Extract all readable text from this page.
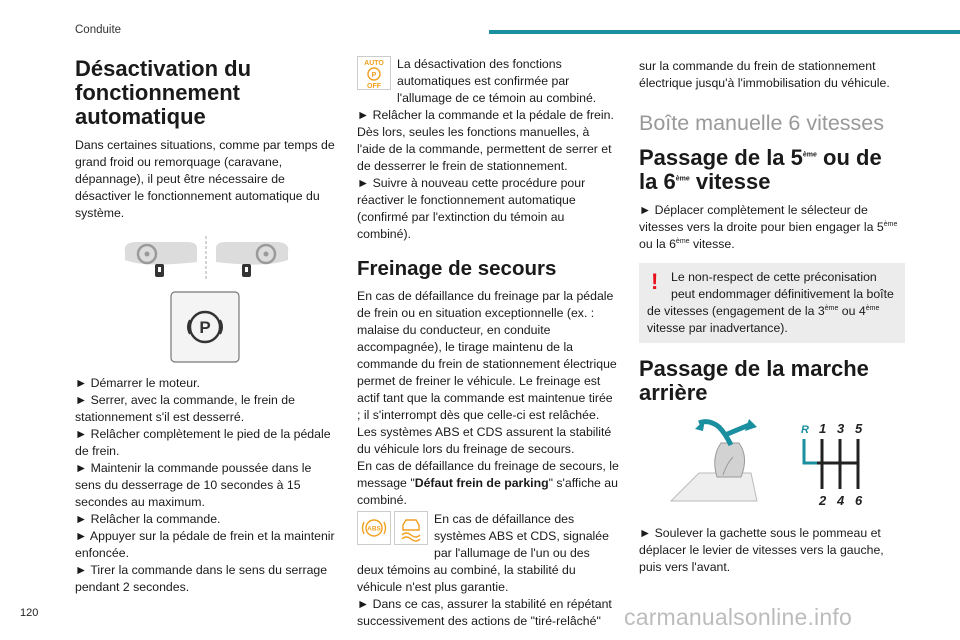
Conduite
Désactivation du fonctionnement automatique

Dans certaines situations, comme par temps de grand froid ou remorquage (caravane, dépannage), il peut être nécessaire de désactiver le fonctionnement automatique du système.

P

► Démarrer le moteur.

► Serrer, avec la commande, le frein de stationnement s'il est desserré.

► Relâcher complètement le pied de la pédale de frein.

► Maintenir la commande poussée dans le sens du desserrage de 10 secondes à 15 secondes au maximum.

► Relâcher la commande.

► Appuyer sur la pédale de frein et la maintenir enfoncée.

► Tirer la commande dans le sens du serrage pendant 2 secondes.

AUTO
P
OFF

La désactivation des fonctions automatiques est confirmée par l'allumage de ce témoin au combiné.

► Relâcher la commande et la pédale de frein.

Dès lors, seules les fonctions manuelles, à l'aide de la commande, permettent de serrer et de desserrer le frein de stationnement.

► Suivre à nouveau cette procédure pour réactiver le fonctionnement automatique (confirmé par l'extinction du témoin au combiné).

Freinage de secours

En cas de défaillance du freinage par la pédale de frein ou en situation exceptionnelle (ex. : malaise du conducteur, en conduite accompagnée), le tirage maintenu de la commande du frein de stationnement électrique permet de freiner le véhicule. Le freinage est actif tant que la commande est maintenue tirée ; il s'interrompt dès que celle-ci est relâchée.

Les systèmes ABS et CDS assurent la stabilité du véhicule lors du freinage de secours.

En cas de défaillance du freinage de secours, le message "Défaut frein de parking" s'affiche au combiné.

ABS

En cas de défaillance des systèmes ABS et CDS, signalée par l'allumage de l'un ou des deux témoins au combiné, la stabilité du véhicule n'est plus garantie.

► Dans ce cas, assurer la stabilité en répétant successivement des actions de "tiré-relâché"

sur la commande du frein de stationnement électrique jusqu'à l'immobilisation du véhicule.

Boîte manuelle 6 vitesses
Passage de la 5ème ou de la 6ème vitesse

► Déplacer complètement le sélecteur de vitesses vers la droite pour bien engager la 5ème ou la 6ème vitesse.

!	Le non-respect de cette préconisation peut endommager définitivement la boîte

de vitesses (engagement de la 3ème ou 4ème vitesse par inadvertance).

Passage de la marche arrière
R 1 3 5
2 4 6

► Soulever la gachette sous le pommeau et déplacer le levier de vitesses vers la gauche, puis vers l'avant.

120	carmanualsonline.info
